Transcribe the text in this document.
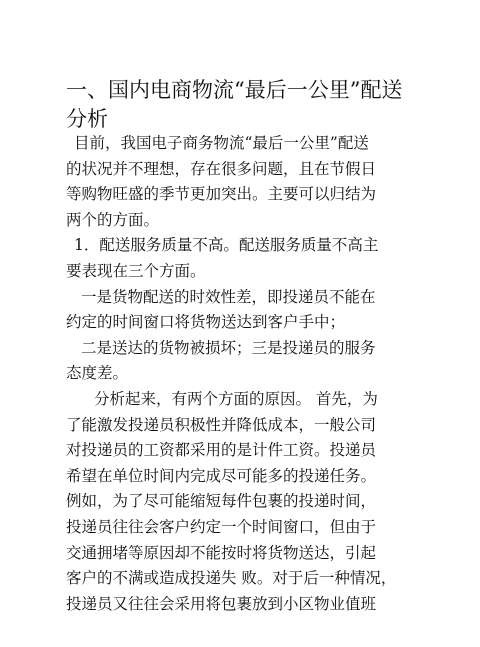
一、国内电商物流“最后一公里”配送
分析
目前，我国电子商务物流“最后一公里”配送
的状况并不理想，存在很多问题，且在节假日
等购物旺盛的季节更加突出。主要可以归结为
两个的方面。
1．配送服务质量不高。配送服务质量不高主
要表现在三个方面。
一是货物配送的时效性差，即投递员不能在
约定的时间窗口将货物送达到客户手中；
二是送达的货物被损坏；三是投递员的服务
态度差。
分析起来，有两个方面的原因。 首先，为
了能激发投递员积极性并降低成本，一般公司
对投递员的工资都采用的是计件工资。投递员
希望在单位时间内完成尽可能多的投递任务。
例如，为了尽可能缩短每件包裹的投递时间，
投递员往往会客户约定一个时间窗口，但由于
交通拥堵等原因却不能按时将货物送达，引起
客户的不满或造成投递失 败。对于后一种情况，
投递员又往往会采用将包裹放到小区物业值班
